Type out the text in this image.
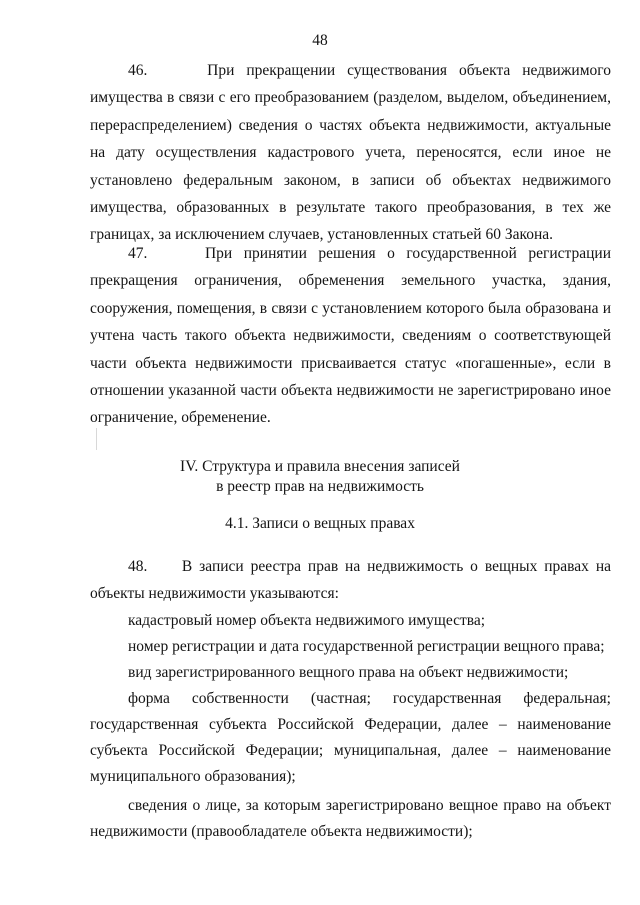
48

46.     При прекращении существования объекта недвижимого имущества в связи с его преобразованием (разделом, выделом, объединением, перераспределением) сведения о частях объекта недвижимости, актуальные на дату осуществления кадастрового учета, переносятся, если иное не установлено федеральным законом, в записи об объектах недвижимого имущества, образованных в результате такого преобразования, в тех же границах, за исключением случаев, установленных статьей 60 Закона.

47.     При принятии решения о государственной регистрации прекращения ограничения, обременения земельного участка, здания, сооружения, помещения, в связи с установлением которого была образована и учтена часть такого объекта недвижимости, сведениям о соответствующей части объекта недвижимости присваивается статус «погашенные», если в отношении указанной части объекта недвижимости не зарегистрировано иное ограничение, обременение.

IV. Структура и правила внесения записей
в реестр прав на недвижимость
4.1. Записи о вещных правах

48.     В записи реестра прав на недвижимость о вещных правах на объекты недвижимости указываются:

кадастровый номер объекта недвижимого имущества;

номер регистрации и дата государственной регистрации вещного права;

вид зарегистрированного вещного права на объект недвижимости;

форма собственности (частная; государственная федеральная; государственная субъекта Российской Федерации, далее – наименование субъекта Российской Федерации; муниципальная, далее – наименование муниципального образования);

сведения о лице, за которым зарегистрировано вещное право на объект недвижимости (правообладателе объекта недвижимости);
